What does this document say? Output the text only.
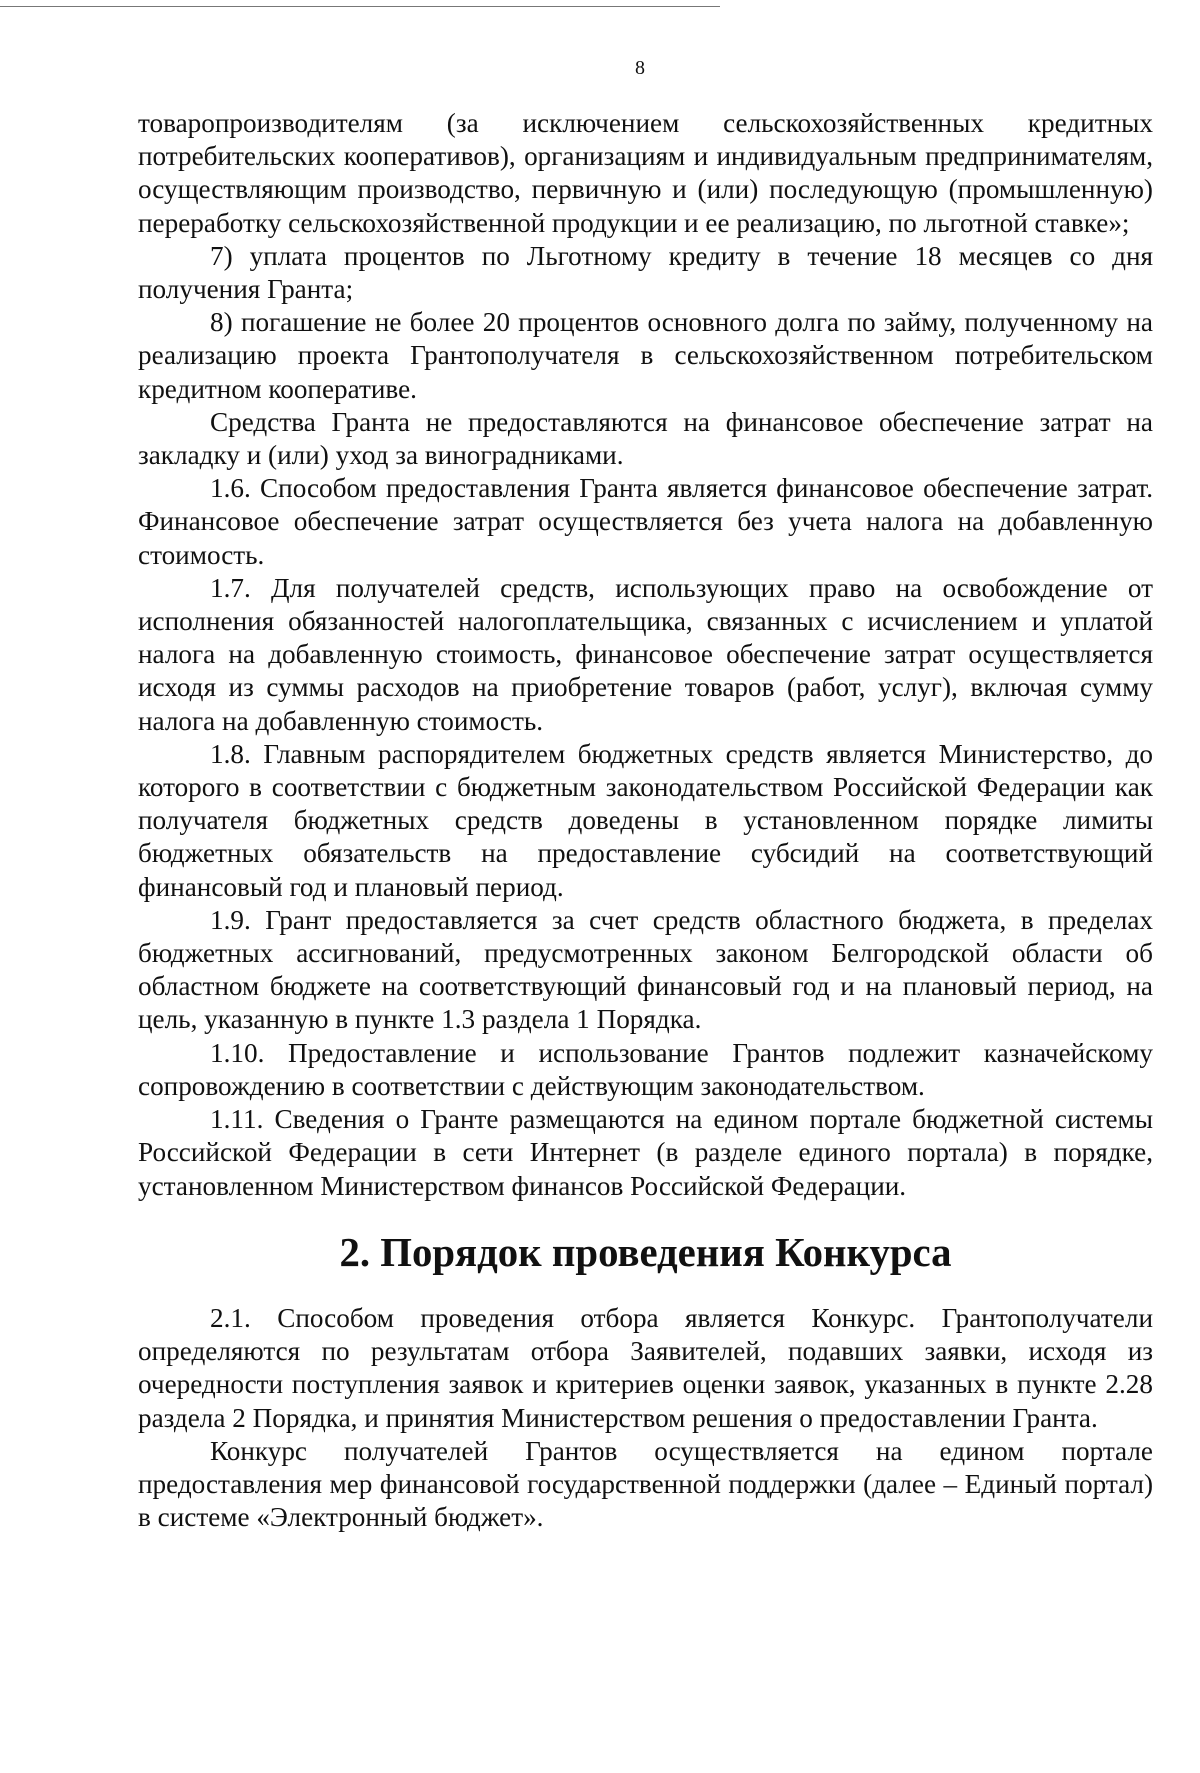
8

товаропроизводителям (за исключением сельскохозяйственных кредитных потребительских кооперативов), организациям и индивидуальным предпринимателям, осуществляющим производство, первичную и (или) последующую (промышленную) переработку сельскохозяйственной продукции и ее реализацию, по льготной ставке»;

7) уплата процентов по Льготному кредиту в течение 18 месяцев со дня получения Гранта;

8) погашение не более 20 процентов основного долга по займу, полученному на реализацию проекта Грантополучателя в сельскохозяйственном потребительском кредитном кооперативе.

Средства Гранта не предоставляются на финансовое обеспечение затрат на закладку и (или) уход за виноградниками.

1.6. Способом предоставления Гранта является финансовое обеспечение затрат. Финансовое обеспечение затрат осуществляется без учета налога на добавленную стоимость.

1.7. Для получателей средств, использующих право на освобождение от исполнения обязанностей налогоплательщика, связанных с исчислением и уплатой налога на добавленную стоимость, финансовое обеспечение затрат осуществляется исходя из суммы расходов на приобретение товаров (работ, услуг), включая сумму налога на добавленную стоимость.

1.8. Главным распорядителем бюджетных средств является Министерство, до которого в соответствии с бюджетным законодательством Российской Федерации как получателя бюджетных средств доведены в установленном порядке лимиты бюджетных обязательств на предоставление субсидий на соответствующий финансовый год и плановый период.

1.9. Грант предоставляется за счет средств областного бюджета, в пределах бюджетных ассигнований, предусмотренных законом Белгородской области об областном бюджете на соответствующий финансовый год и на плановый период, на цель, указанную в пункте 1.3 раздела 1 Порядка.

1.10. Предоставление и использование Грантов подлежит казначейскому сопровождению в соответствии с действующим законодательством.

1.11. Сведения о Гранте размещаются на едином портале бюджетной системы Российской Федерации в сети Интернет (в разделе единого портала) в порядке, установленном Министерством финансов Российской Федерации.

2. Порядок проведения Конкурса

2.1. Способом проведения отбора является Конкурс. Грантополучатели определяются по результатам отбора Заявителей, подавших заявки, исходя из очередности поступления заявок и критериев оценки заявок, указанных в пункте 2.28 раздела 2 Порядка, и принятия Министерством решения о предоставлении Гранта.

Конкурс получателей Грантов осуществляется на едином портале предоставления мер финансовой государственной поддержки (далее – Единый портал) в системе «Электронный бюджет».
